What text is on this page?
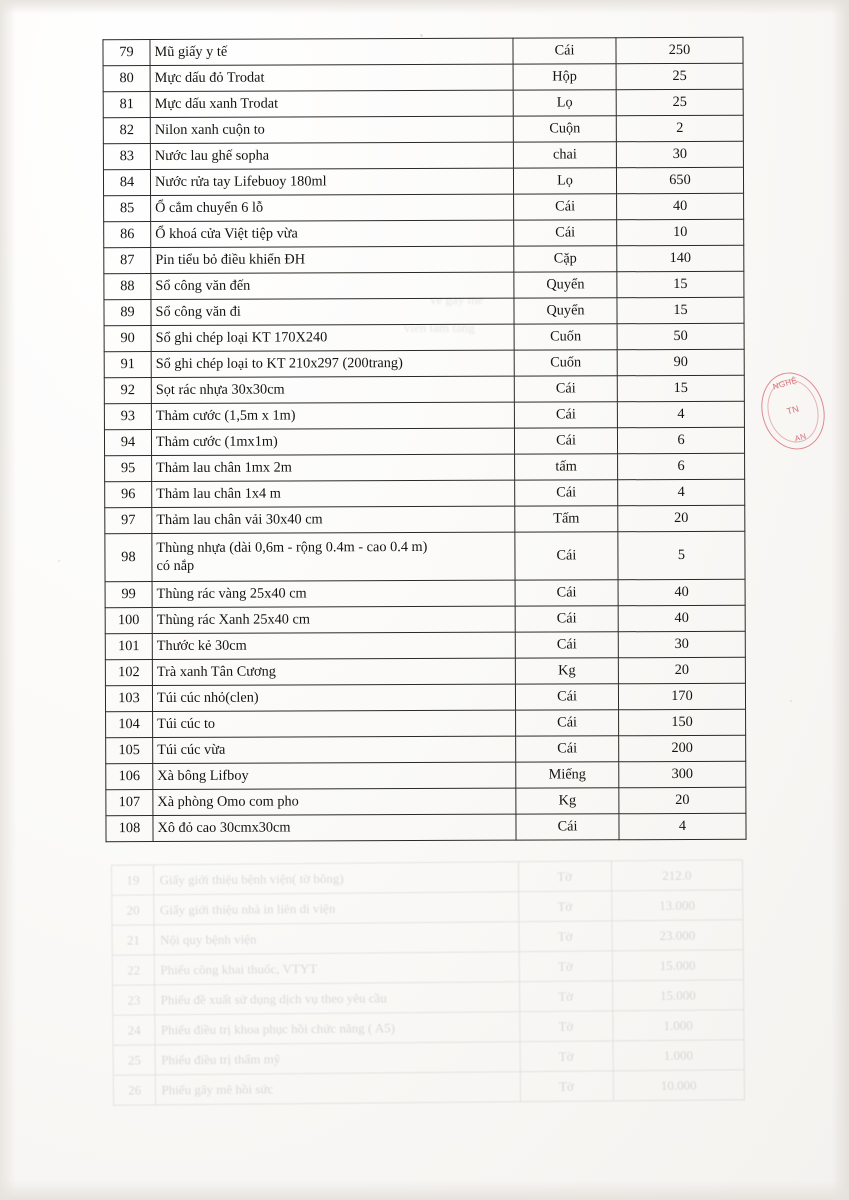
ve gay me
vien tam tang
79	Mũ giấy y tế	Cái	250
80	Mực dấu đỏ Trodat	Hộp	25
81	Mực dấu xanh Trodat	Lọ	25
82	Nilon xanh cuộn to	Cuộn	2
83	Nước lau ghế sopha	chai	30
84	Nước rửa tay Lifebuoy 180ml	Lọ	650
85	Ổ cắm chuyển 6 lỗ	Cái	40
86	Ổ khoá cửa Việt tiệp vừa	Cái	10
87	Pin tiểu bỏ điều khiển ĐH	Cặp	140
88	Sổ công văn đến	Quyển	15
89	Sổ công văn đi	Quyển	15
90	Sổ ghi chép loại KT 170X240	Cuốn	50
91	Sổ ghi chép loại to KT 210x297 (200trang)	Cuốn	90
92	Sọt rác nhựa 30x30cm	Cái	15
93	Thảm cước (1,5m x 1m)	Cái	4
94	Thảm cước (1mx1m)	Cái	6
95	Thảm lau chân 1mx 2m	tấm	6
96	Thảm lau chân 1x4 m	Cái	4
97	Thảm lau chân vải 30x40 cm	Tấm	20
98	Thùng nhựa (dài 0,6m - rộng 0.4m - cao 0.4 m)
có nắp	Cái	5
99	Thùng rác vàng 25x40 cm	Cái	40
100	Thùng rác Xanh 25x40 cm	Cái	40
101	Thước kẻ 30cm	Cái	30
102	Trà xanh Tân Cương	Kg	20
103	Túi cúc nhỏ(clen)	Cái	170
104	Túi cúc to	Cái	150
105	Túi cúc vừa	Cái	200
106	Xà bông Lifboy	Miếng	300
107	Xà phòng Omo com pho	Kg	20
108	Xô đỏ cao 30cmx30cm	Cái	4
19	Giấy giới thiệu bệnh viện( tờ bông)	Tờ	212.0
20	Giấy giới thiệu nhà in liên di viện	Tờ	13.000
21	Nội quy bệnh viện	Tờ	23.000
22	Phiếu công khai thuốc, VTYT	Tờ	15.000
23	Phiếu đề xuất sử dụng dịch vụ theo yêu cầu	Tờ	15.000
24	Phiếu điều trị khoa phục hồi chức năng ( A5)	Tờ	1.000
25	Phiếu điều trị thẩm mỹ	Tờ	1.000
26	Phiếu gây mê hồi sức	Tờ	10.000
NGHỆ
TN
AN
